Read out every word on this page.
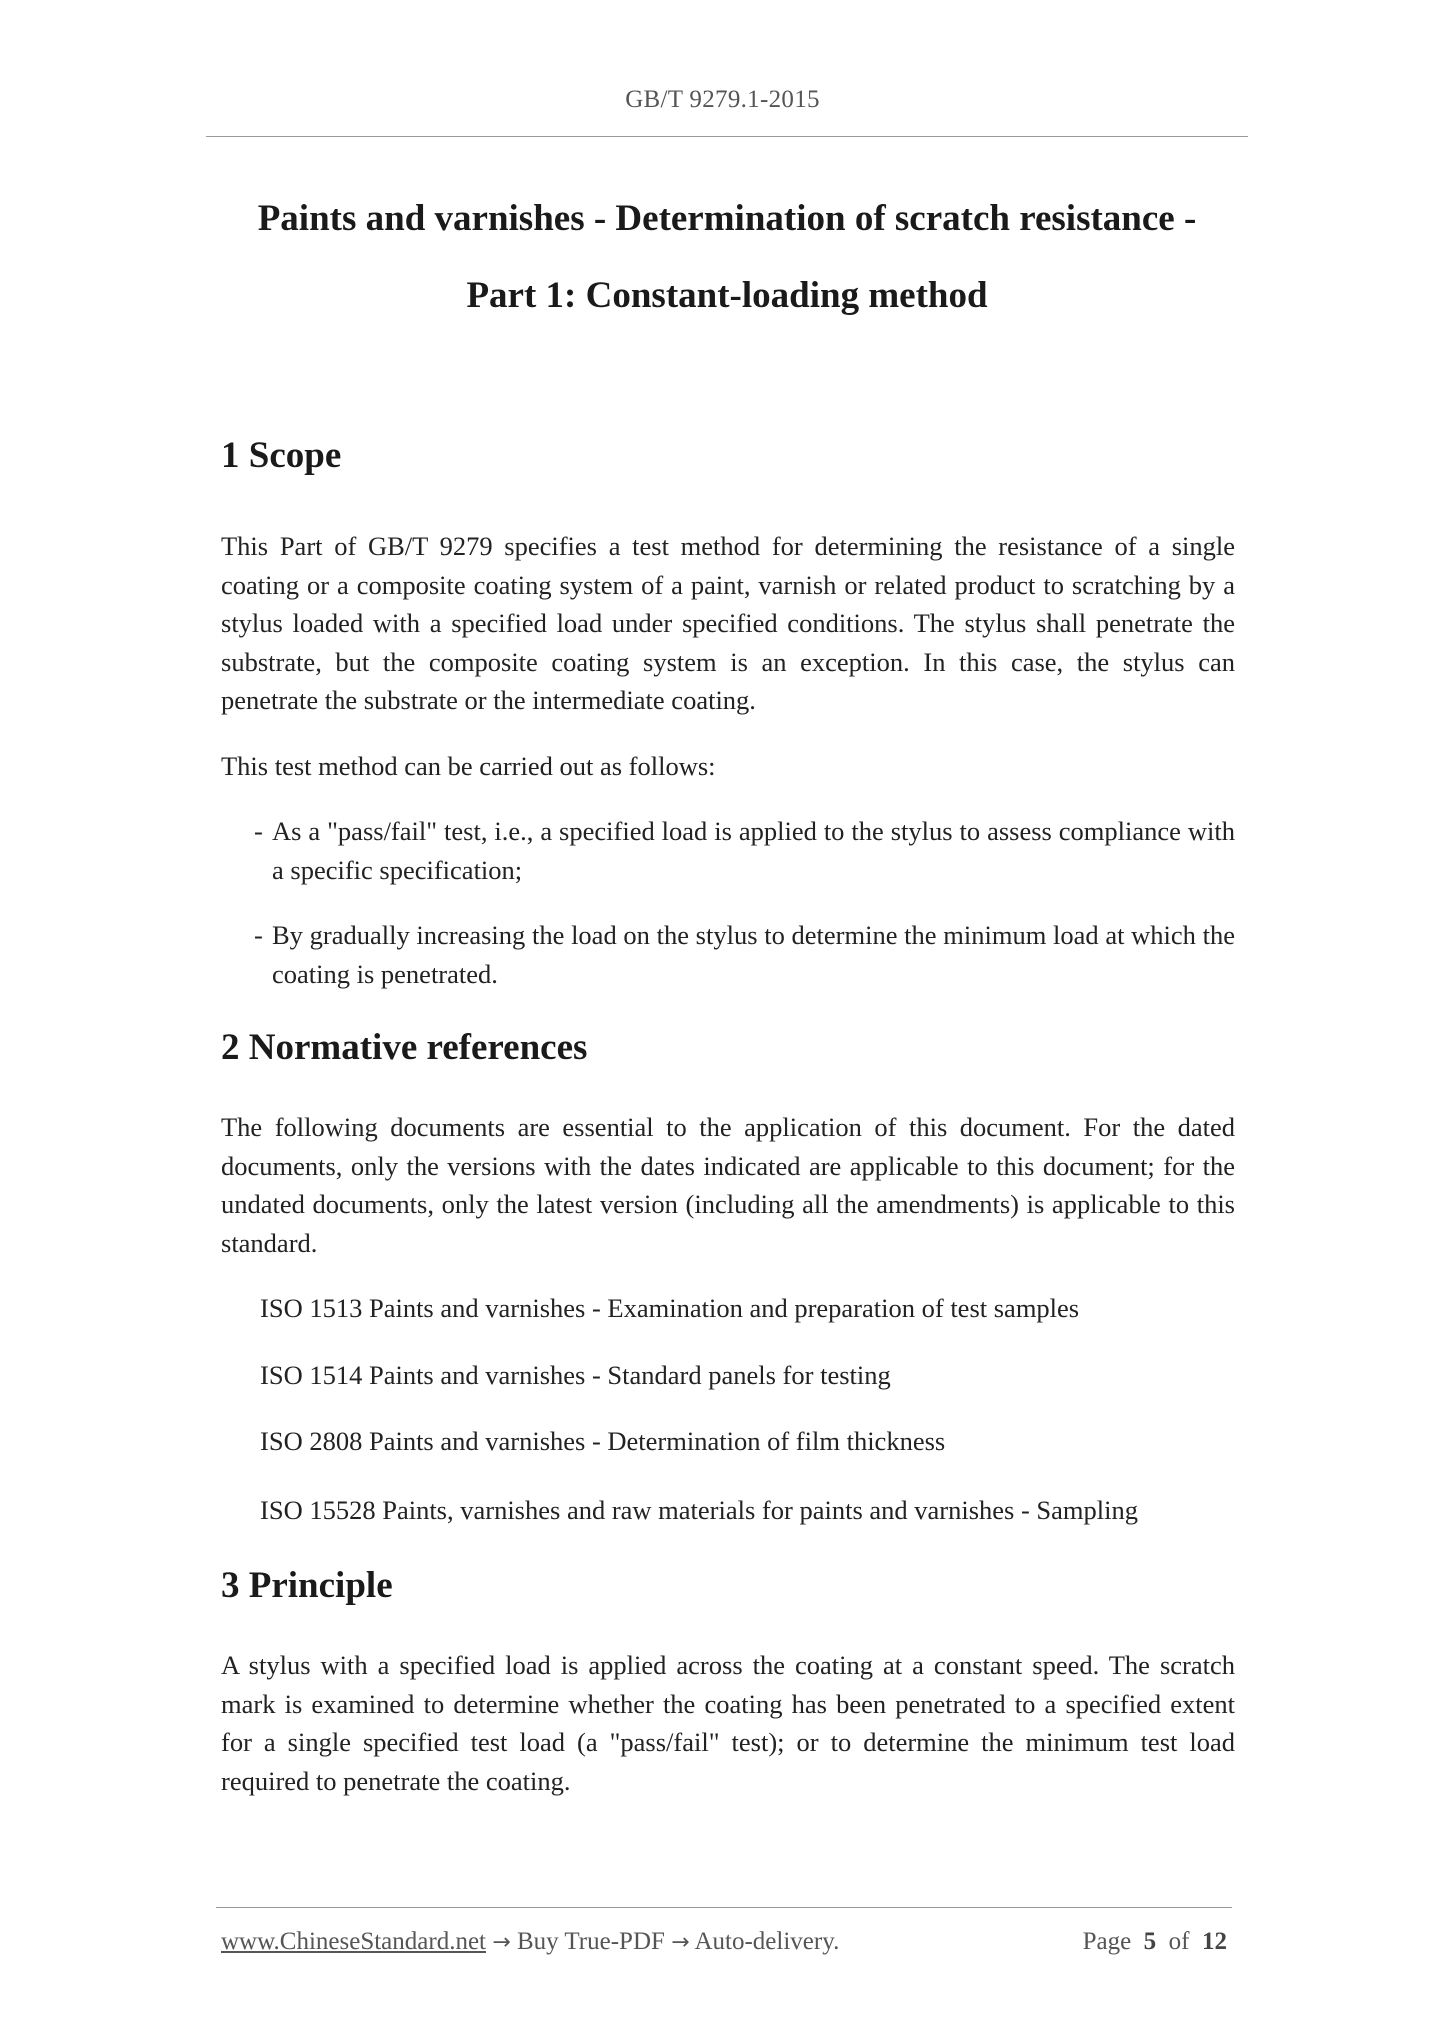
GB/T 9279.1-2015
Paints and varnishes - Determination of scratch resistance -
Part 1: Constant-loading method
1 Scope

This Part of GB/T 9279 specifies a test method for determining the resistance of a single coating or a composite coating system of a paint, varnish or related product to scratching by a stylus loaded with a specified load under specified conditions. The stylus shall penetrate the substrate, but the composite coating system is an exception. In this case, the stylus can penetrate the substrate or the intermediate coating.

This test method can be carried out as follows:

- As a "pass/fail" test, i.e., a specified load is applied to the stylus to assess compliance with a specific specification;
- By gradually increasing the load on the stylus to determine the minimum load at which the coating is penetrated.
2 Normative references

The following documents are essential to the application of this document. For the dated documents, only the versions with the dates indicated are applicable to this document; for the undated documents, only the latest version (including all the amendments) is applicable to this standard.

ISO 1513 Paints and varnishes - Examination and preparation of test samples

ISO 1514 Paints and varnishes - Standard panels for testing

ISO 2808 Paints and varnishes - Determination of film thickness

ISO 15528 Paints, varnishes and raw materials for paints and varnishes - Sampling

3 Principle

A stylus with a specified load is applied across the coating at a constant speed. The scratch mark is examined to determine whether the coating has been penetrated to a specified extent for a single specified test load (a "pass/fail" test); or to determine the minimum test load required to penetrate the coating.

www.ChineseStandard.net → Buy True-PDF → Auto-delivery.	Page 5 of 12
